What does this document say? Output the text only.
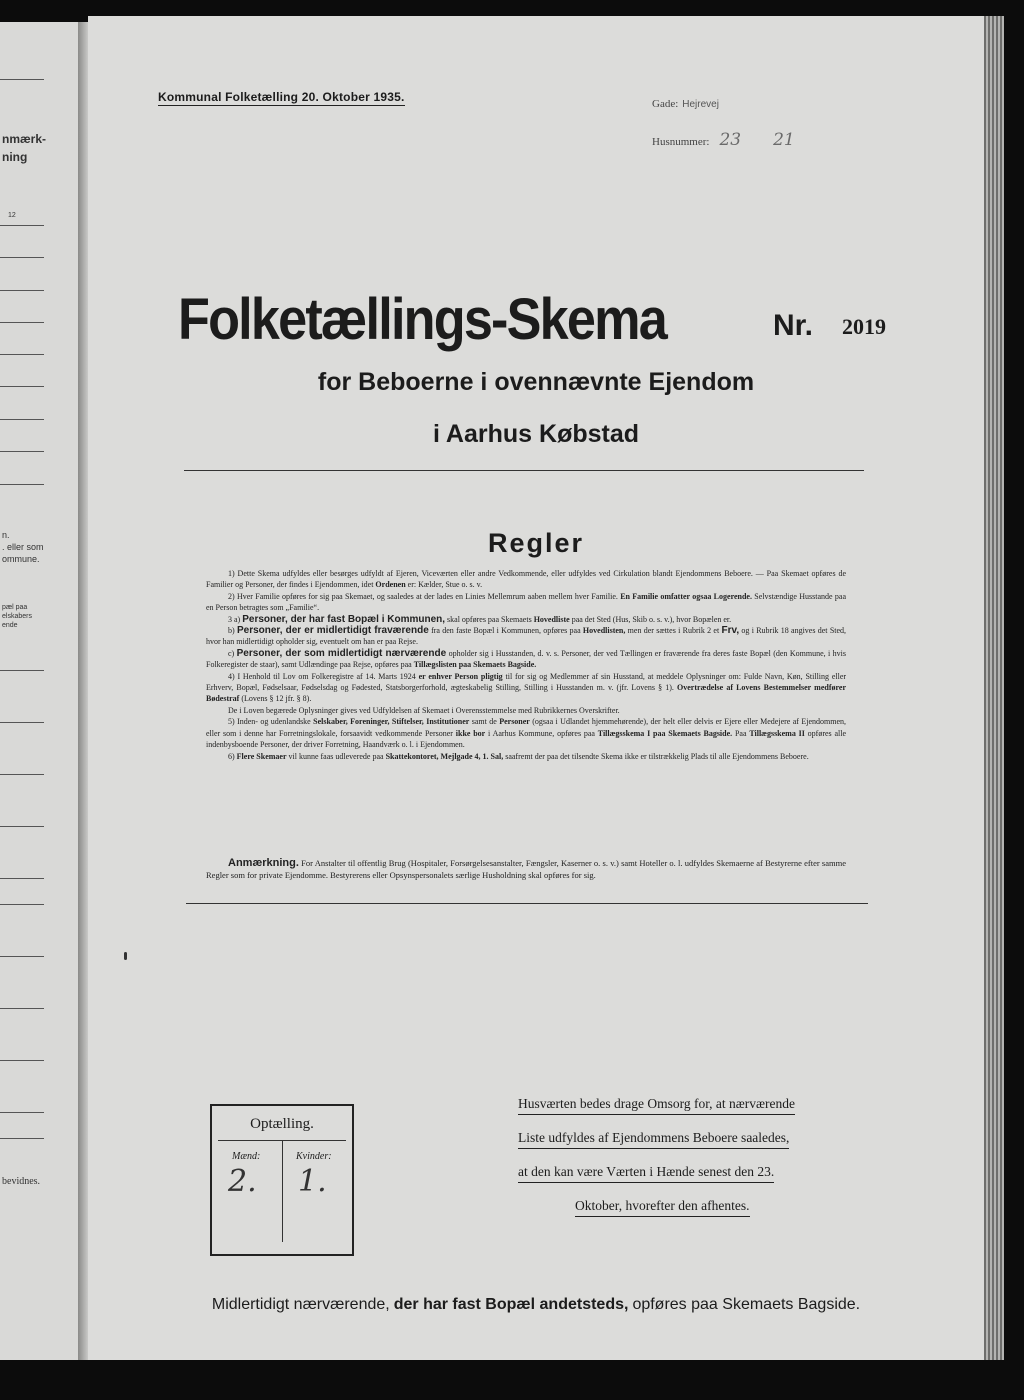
nmærk-
ning
12
n.
. eller som
ommune.
pæl paa
elskabers
ende
bevidnes.
Kommunal Folketælling 20. Oktober 1935.	Gade: Hejrevej
Husnummer: 23 21
Folketællings-Skema	Nr. 2019
for Beboerne i ovennævnte Ejendom
i Aarhus Købstad
Regler

1) Dette Skema udfyldes eller besørges udfyldt af Ejeren, Viceværten eller andre Vedkommende, eller udfyldes ved Cirkulation blandt Ejendommens Beboere. — Paa Skemaet opføres de Familier og Personer, der findes i Ejendommen, idet Ordenen er: Kælder, Stue o. s. v.

2) Hver Familie opføres for sig paa Skemaet, og saaledes at der lades en Linies Mellemrum aaben mellem hver Familie. En Familie omfatter ogsaa Logerende. Selvstændige Husstande paa en Person betragtes som „Familie“.

3 a) Personer, der har fast Bopæl i Kommunen, skal opføres paa Skemaets Hovedliste paa det Sted (Hus, Skib o. s. v.), hvor Bopælen er.

b) Personer, der er midlertidigt fraværende fra den faste Bopæl i Kommunen, opføres paa Hovedlisten, men der sættes i Rubrik 2 et Frv, og i Rubrik 18 angives det Sted, hvor han midlertidigt opholder sig, eventuelt om han er paa Rejse.

c) Personer, der som midlertidigt nærværende opholder sig i Husstanden, d. v. s. Personer, der ved Tællingen er fraværende fra deres faste Bopæl (den Kommune, i hvis Folkeregister de staar), samt Udlændinge paa Rejse, opføres paa Tillægslisten paa Skemaets Bagside.

4) I Henhold til Lov om Folkeregistre af 14. Marts 1924 er enhver Person pligtig til for sig og Medlemmer af sin Husstand, at meddele Oplysninger om: Fulde Navn, Køn, Stilling eller Erhverv, Bopæl, Fødselsaar, Fødselsdag og Fødested, Statsborgerforhold, ægteskabelig Stilling, Stilling i Husstanden m. v. (jfr. Lovens § 1). Overtrædelse af Lovens Bestemmelser medfører Bødestraf (Lovens § 12 jfr. § 8).

De i Loven begærede Oplysninger gives ved Udfyldelsen af Skemaet i Overensstemmelse med Rubrikkernes Overskrifter.

5) Inden- og udenlandske Selskaber, Foreninger, Stiftelser, Institutioner samt de Personer (ogsaa i Udlandet hjemmehørende), der helt eller delvis er Ejere eller Medejere af Ejendommen, eller som i denne har Forretningslokale, forsaavidt vedkommende Personer ikke bor i Aarhus Kommune, opføres paa Tillægsskema I paa Skemaets Bagside. Paa Tillægsskema II opføres alle indenbysboende Personer, der driver Forretning, Haandværk o. l. i Ejendommen.

6) Flere Skemaer vil kunne faas udleverede paa Skattekontoret, Mejlgade 4, 1. Sal, saafremt der paa det tilsendte Skema ikke er tilstrækkelig Plads til alle Ejendommens Beboere.

Anmærkning. For Anstalter til offentlig Brug (Hospitaler, Forsørgelsesanstalter, Fængsler, Kaserner o. s. v.) samt Hoteller o. l. udfyldes Skemaerne af Bestyrerne efter samme Regler som for private Ejendomme. Bestyrerens eller Opsynspersonalets særlige Husholdning skal opføres for sig.
Optælling.
Mænd:	Kvinder:
2. 1.
Husværten bedes drage Omsorg for, at nærværende
Liste udfyldes af Ejendommens Beboere saaledes,
at den kan være Værten i Hænde senest den 23.
Oktober, hvorefter den afhentes.
Midlertidigt nærværende, der har fast Bopæl andetsteds, opføres paa Skemaets Bagside.
